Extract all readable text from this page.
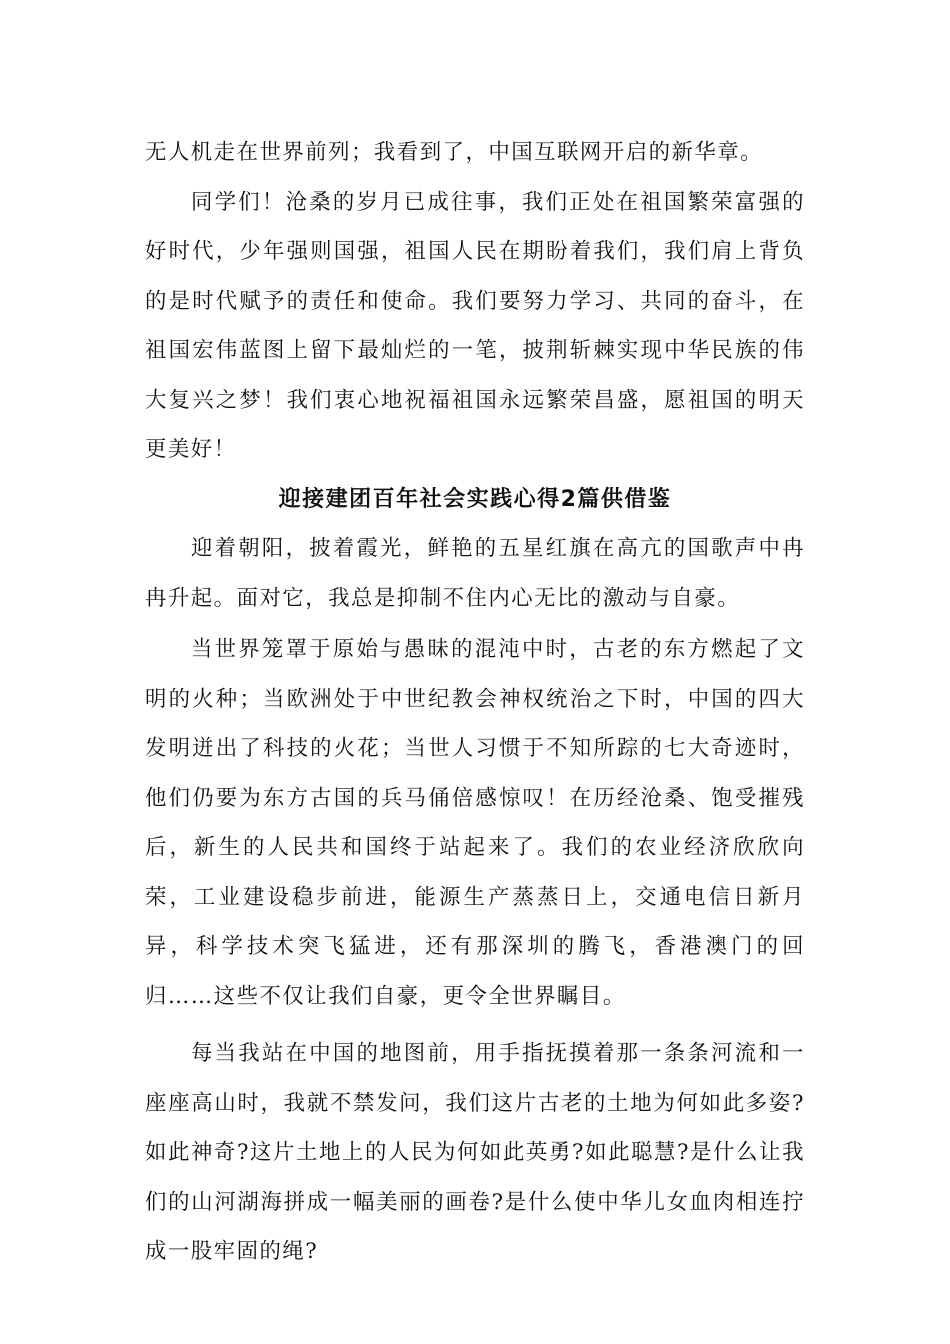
无人机走在世界前列；我看到了，中国互联网开启的新华章。

同学们！沧桑的岁月已成往事，我们正处在祖国繁荣富强的好时代，少年强则国强，祖国人民在期盼着我们，我们肩上背负的是时代赋予的责任和使命。我们要努力学习、共同的奋斗，在祖国宏伟蓝图上留下最灿烂的一笔，披荆斩棘实现中华民族的伟大复兴之梦！我们衷心地祝福祖国永远繁荣昌盛，愿祖国的明天更美好！

迎接建团百年社会实践心得2篇供借鉴

迎着朝阳，披着霞光，鲜艳的五星红旗在高亢的国歌声中冉冉升起。面对它，我总是抑制不住内心无比的激动与自豪。

当世界笼罩于原始与愚昧的混沌中时，古老的东方燃起了文明的火种；当欧洲处于中世纪教会神权统治之下时，中国的四大发明迸出了科技的火花；当世人习惯于不知所踪的七大奇迹时，他们仍要为东方古国的兵马俑倍感惊叹！在历经沧桑、饱受摧残后，新生的人民共和国终于站起来了。我们的农业经济欣欣向荣，工业建设稳步前进，能源生产蒸蒸日上，交通电信日新月异，科学技术突飞猛进，还有那深圳的腾飞，香港澳门的回归……这些不仅让我们自豪，更令全世界瞩目。

每当我站在中国的地图前，用手指抚摸着那一条条河流和一座座高山时，我就不禁发问，我们这片古老的土地为何如此多姿?如此神奇?这片土地上的人民为何如此英勇?如此聪慧?是什么让我们的山河湖海拼成一幅美丽的画卷?是什么使中华儿女血肉相连拧成一股牢固的绳?
